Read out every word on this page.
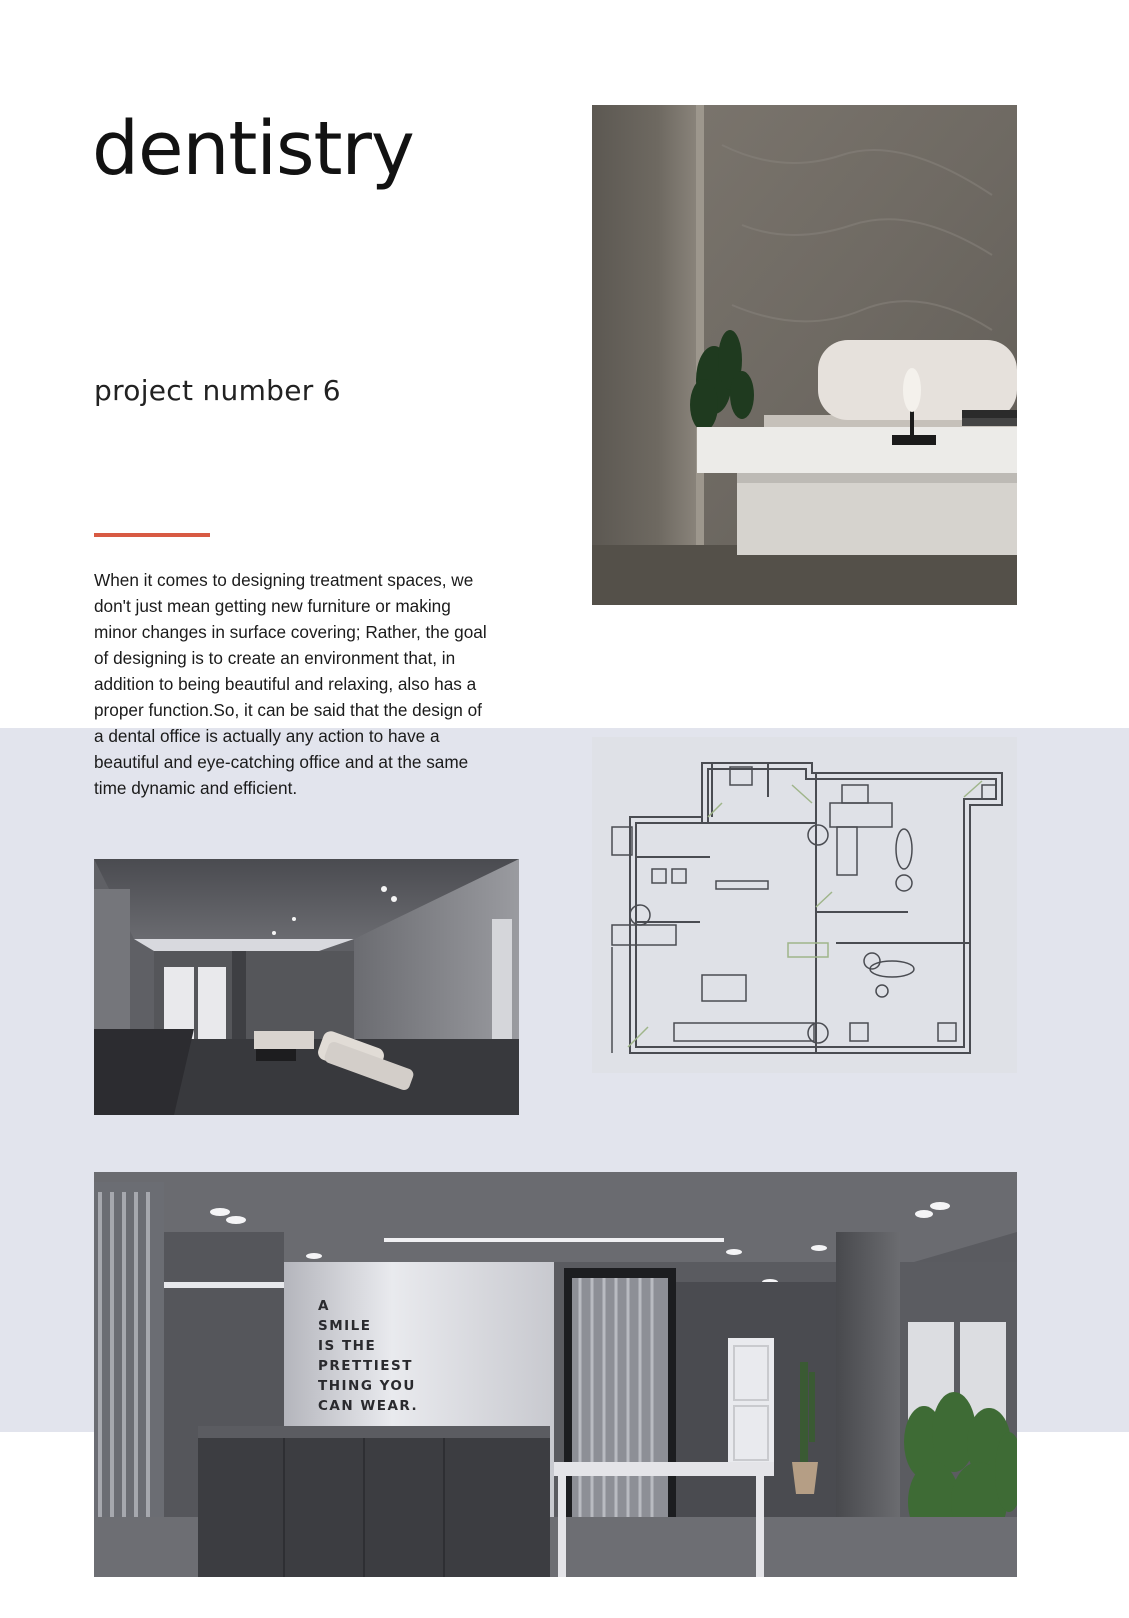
dentistry
project number 6

When it comes to designing treatment spaces, we don't just mean getting new furniture or making minor changes in surface covering; Rather, the goal of designing is to create an environment that, in addition to being beautiful and relaxing, also has a proper function.So, it can be said that the design of a dental office is actually any action to have a beautiful and eye-catching office and at the same time dynamic and efficient.

A
SMILE
IS THE
PRETTIEST
THING YOU
CAN WEAR.
